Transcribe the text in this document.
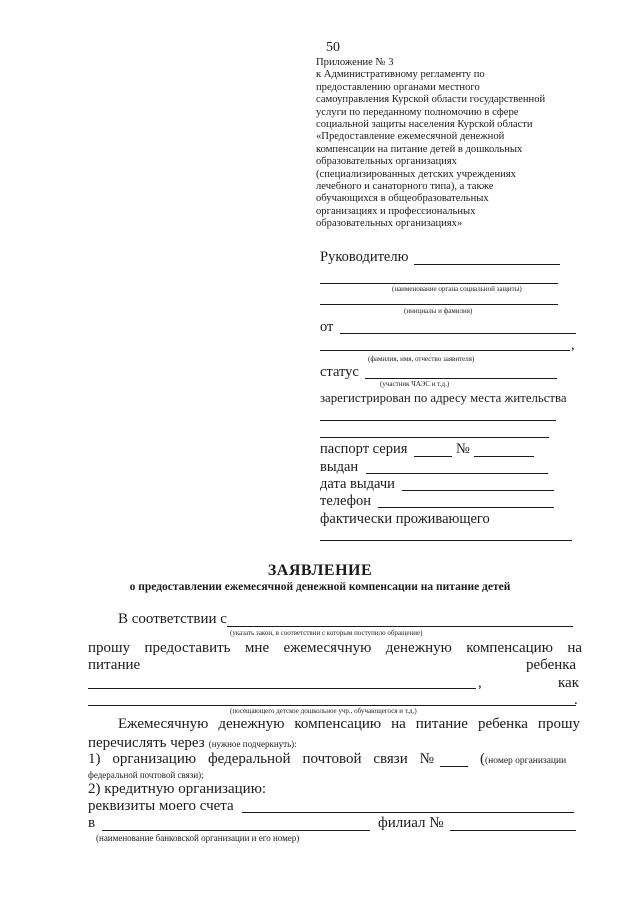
50
Приложение № 3
к Административному регламенту по
предоставлению органами местного
самоуправления Курской области государственной
услуги по переданному полномочию в сфере
социальной защиты населения Курской области
«Предоставление ежемесячной денежной
компенсации на питание детей в дошкольных
образовательных организациях
(специализированных детских учреждениях
лечебного и санаторного типа), а также
обучающихся в общеобразовательных
организациях и профессиональных
образовательных организациях»
Руководителю
(наименование органа социальной защиты)
(инициалы и фамилия)
от
,
(фамилия, имя, отчество заявителя)
статус
(участник ЧАЭС и т.д.)
зарегистрирован по адресу места жительства
паспорт серия	№
выдан
дата выдачи
телефон
фактически проживающего
ЗАЯВЛЕНИЕ
о предоставлении ежемесячной денежной компенсации на питание детей
В соответствии с
(указать закон, в соответствии с которым поступило обращение)
прошу предоставить мне ежемесячную денежную компенсацию на
питание	ребенка
,	как
.
(посещающего детское дошкольное учр., обучающегося и т.д.)
Ежемесячную денежную компенсацию на питание ребенка прошу
перечислять через (нужное подчеркнуть):
1) организацию федеральной почтовой связи №	((номер организации
федеральной почтовой связи);
2) кредитную организацию:
реквизиты моего счета
в	филиал №
(наименование банковской организации и его номер)
